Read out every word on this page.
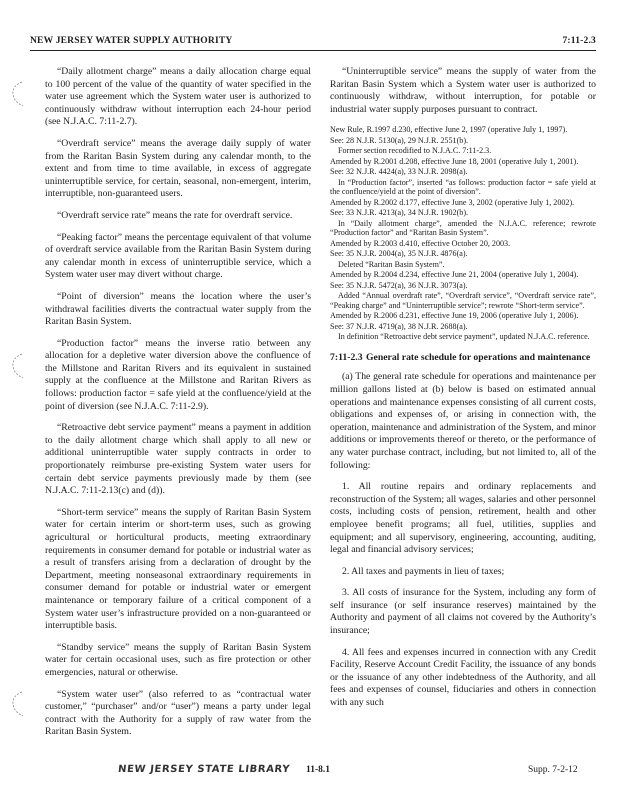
NEW JERSEY WATER SUPPLY AUTHORITY	7:11-2.3

“Daily allotment charge” means a daily allocation charge equal to 100 percent of the value of the quantity of water specified in the water use agreement which the System water user is authorized to continuously withdraw without interruption each 24-hour period (see N.J.A.C. 7:11-2.7).

“Overdraft service” means the average daily supply of water from the Raritan Basin System during any calendar month, to the extent and from time to time available, in excess of aggregate uninterruptible service, for certain, seasonal, non-emergent, interim, interruptible, non-guaranteed users.

“Overdraft service rate” means the rate for overdraft service.

“Peaking factor” means the percentage equivalent of that volume of overdraft service available from the Raritan Basin System during any calendar month in excess of uninterruptible service, which a System water user may divert without charge.

“Point of diversion” means the location where the user’s withdrawal facilities diverts the contractual water supply from the Raritan Basin System.

“Production factor” means the inverse ratio between any allocation for a depletive water diversion above the confluence of the Millstone and Raritan Rivers and its equivalent in sustained supply at the confluence at the Millstone and Raritan Rivers as follows: production factor = safe yield at the confluence/yield at the point of diversion (see N.J.A.C. 7:11-2.9).

“Retroactive debt service payment” means a payment in addition to the daily allotment charge which shall apply to all new or additional uninterruptible water supply contracts in order to proportionately reimburse pre-existing System water users for certain debt service payments previously made by them (see N.J.A.C. 7:11-2.13(c) and (d)).

“Short-term service” means the supply of Raritan Basin System water for certain interim or short-term uses, such as growing agricultural or horticultural products, meeting extraordinary requirements in consumer demand for potable or industrial water as a result of transfers arising from a declaration of drought by the Department, meeting nonseasonal extraordinary requirements in consumer demand for potable or industrial water or emergent maintenance or temporary failure of a critical component of a System water user’s infrastructure provided on a non-guaranteed or interruptible basis.

“Standby service” means the supply of Raritan Basin System water for certain occasional uses, such as fire protection or other emergencies, natural or otherwise.

“System water user” (also referred to as “contractual water customer,” “purchaser” and/or “user”) means a party under legal contract with the Authority for a supply of raw water from the Raritan Basin System.

“Uninterruptible service” means the supply of water from the Raritan Basin System which a System water user is authorized to continuously withdraw, without interruption, for potable or industrial water supply purposes pursuant to contract.

New Rule, R.1997 d.230, effective June 2, 1997 (operative July 1, 1997).

See: 28 N.J.R. 5130(a), 29 N.J.R. 2551(b).

Former section recodified to N.J.A.C. 7:11-2.3.

Amended by R.2001 d.208, effective June 18, 2001 (operative July 1, 2001).

See: 32 N.J.R. 4424(a), 33 N.J.R. 2098(a).

In “Production factor”, inserted “as follows: production factor = safe yield at the confluence/yield at the point of diversion”.

Amended by R.2002 d.177, effective June 3, 2002 (operative July 1, 2002).

See: 33 N.J.R. 4213(a), 34 N.J.R. 1902(b).

In “Daily allotment charge”, amended the N.J.A.C. reference; rewrote “Production factor” and “Raritan Basin System”.

Amended by R.2003 d.410, effective October 20, 2003.

See: 35 N.J.R. 2004(a), 35 N.J.R. 4876(a).

Deleted “Raritan Basin System”.

Amended by R.2004 d.234, effective June 21, 2004 (operative July 1, 2004).

See: 35 N.J.R. 5472(a), 36 N.J.R. 3073(a).

Added “Annual overdraft rate”, “Overdraft service”, “Overdraft service rate”, “Peaking charge” and “Uninterruptible service”; rewrote “Short-term service”.

Amended by R.2006 d.231, effective June 19, 2006 (operative July 1, 2006).

See: 37 N.J.R. 4719(a), 38 N.J.R. 2688(a).

In definition “Retroactive debt service payment”, updated N.J.A.C. reference.

7:11-2.3 General rate schedule for operations and maintenance

(a) The general rate schedule for operations and maintenance per million gallons listed at (b) below is based on estimated annual operations and maintenance expenses consisting of all current costs, obligations and expenses of, or arising in connection with, the operation, maintenance and administration of the System, and minor additions or improvements thereof or thereto, or the performance of any water purchase contract, including, but not limited to, all of the following:

1. All routine repairs and ordinary replacements and reconstruction of the System; all wages, salaries and other personnel costs, including costs of pension, retirement, health and other employee benefit programs; all fuel, utilities, supplies and equipment; and all supervisory, engineering, accounting, auditing, legal and financial advisory services;

2. All taxes and payments in lieu of taxes;

3. All costs of insurance for the System, including any form of self insurance (or self insurance reserves) maintained by the Authority and payment of all claims not covered by the Authority’s insurance;

4. All fees and expenses incurred in connection with any Credit Facility, Reserve Account Credit Facility, the issuance of any bonds or the issuance of any other indebtedness of the Authority, and all fees and expenses of counsel, fiduciaries and others in connection with any such

NEW JERSEY STATE LIBRARY 11-8.1	Supp. 7-2-12
